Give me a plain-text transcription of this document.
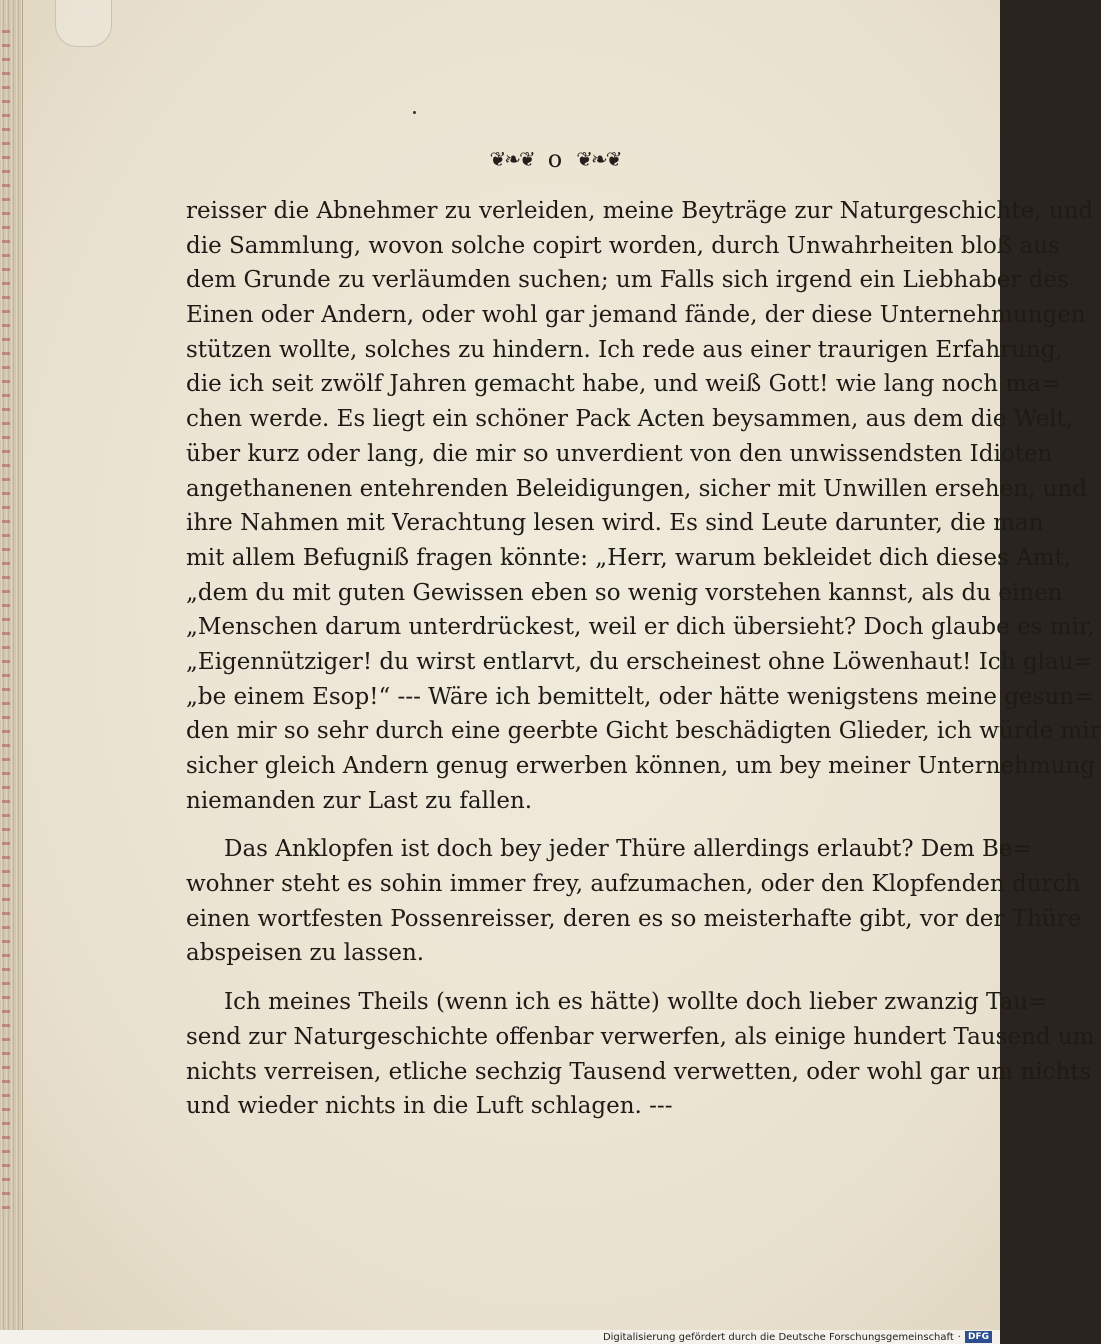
❦❧❦ o ❦❧❦
reisser die Abnehmer zu verleiden, meine Beyträge zur Naturgeschichte, und
die Sammlung, wovon solche copirt worden, durch Unwahrheiten bloß aus
dem Grunde zu verläumden suchen; um Falls sich irgend ein Liebhaber des
Einen oder Andern, oder wohl gar jemand fände, der diese Unternehmungen
stützen wollte, solches zu hindern. Ich rede aus einer traurigen Erfahrung,
die ich seit zwölf Jahren gemacht habe, und weiß Gott! wie lang noch ma=
chen werde. Es liegt ein schöner Pack Acten beysammen, aus dem die Welt,
über kurz oder lang, die mir so unverdient von den unwissendsten Idioten
angethanenen entehrenden Beleidigungen, sicher mit Unwillen ersehen, und
ihre Nahmen mit Verachtung lesen wird. Es sind Leute darunter, die man
mit allem Befugniß fragen könnte: „Herr, warum bekleidet dich dieses Amt,
„dem du mit guten Gewissen eben so wenig vorstehen kannst, als du einen
„Menschen darum unterdrückest, weil er dich übersieht? Doch glaube es mir,
„Eigennütziger! du wirst entlarvt, du erscheinest ohne Löwenhaut! Ich glau=
„be einem Esop!“ --- Wäre ich bemittelt, oder hätte wenigstens meine gesun=
den mir so sehr durch eine geerbte Gicht beschädigten Glieder, ich würde mir
sicher gleich Andern genug erwerben können, um bey meiner Unternehmung
niemanden zur Last zu fallen.
Das Anklopfen ist doch bey jeder Thüre allerdings erlaubt? Dem Be=
wohner steht es sohin immer frey, aufzumachen, oder den Klopfenden durch
einen wortfesten Possenreisser, deren es so meisterhafte gibt, vor der Thüre
abspeisen zu lassen.
Ich meines Theils (wenn ich es hätte) wollte doch lieber zwanzig Tau=
send zur Naturgeschichte offenbar verwerfen, als einige hundert Tausend um
nichts verreisen, etliche sechzig Tausend verwetten, oder wohl gar um nichts
und wieder nichts in die Luft schlagen. ---
Digitalisierung gefördert durch die Deutsche Forschungsgemeinschaft · DFG
